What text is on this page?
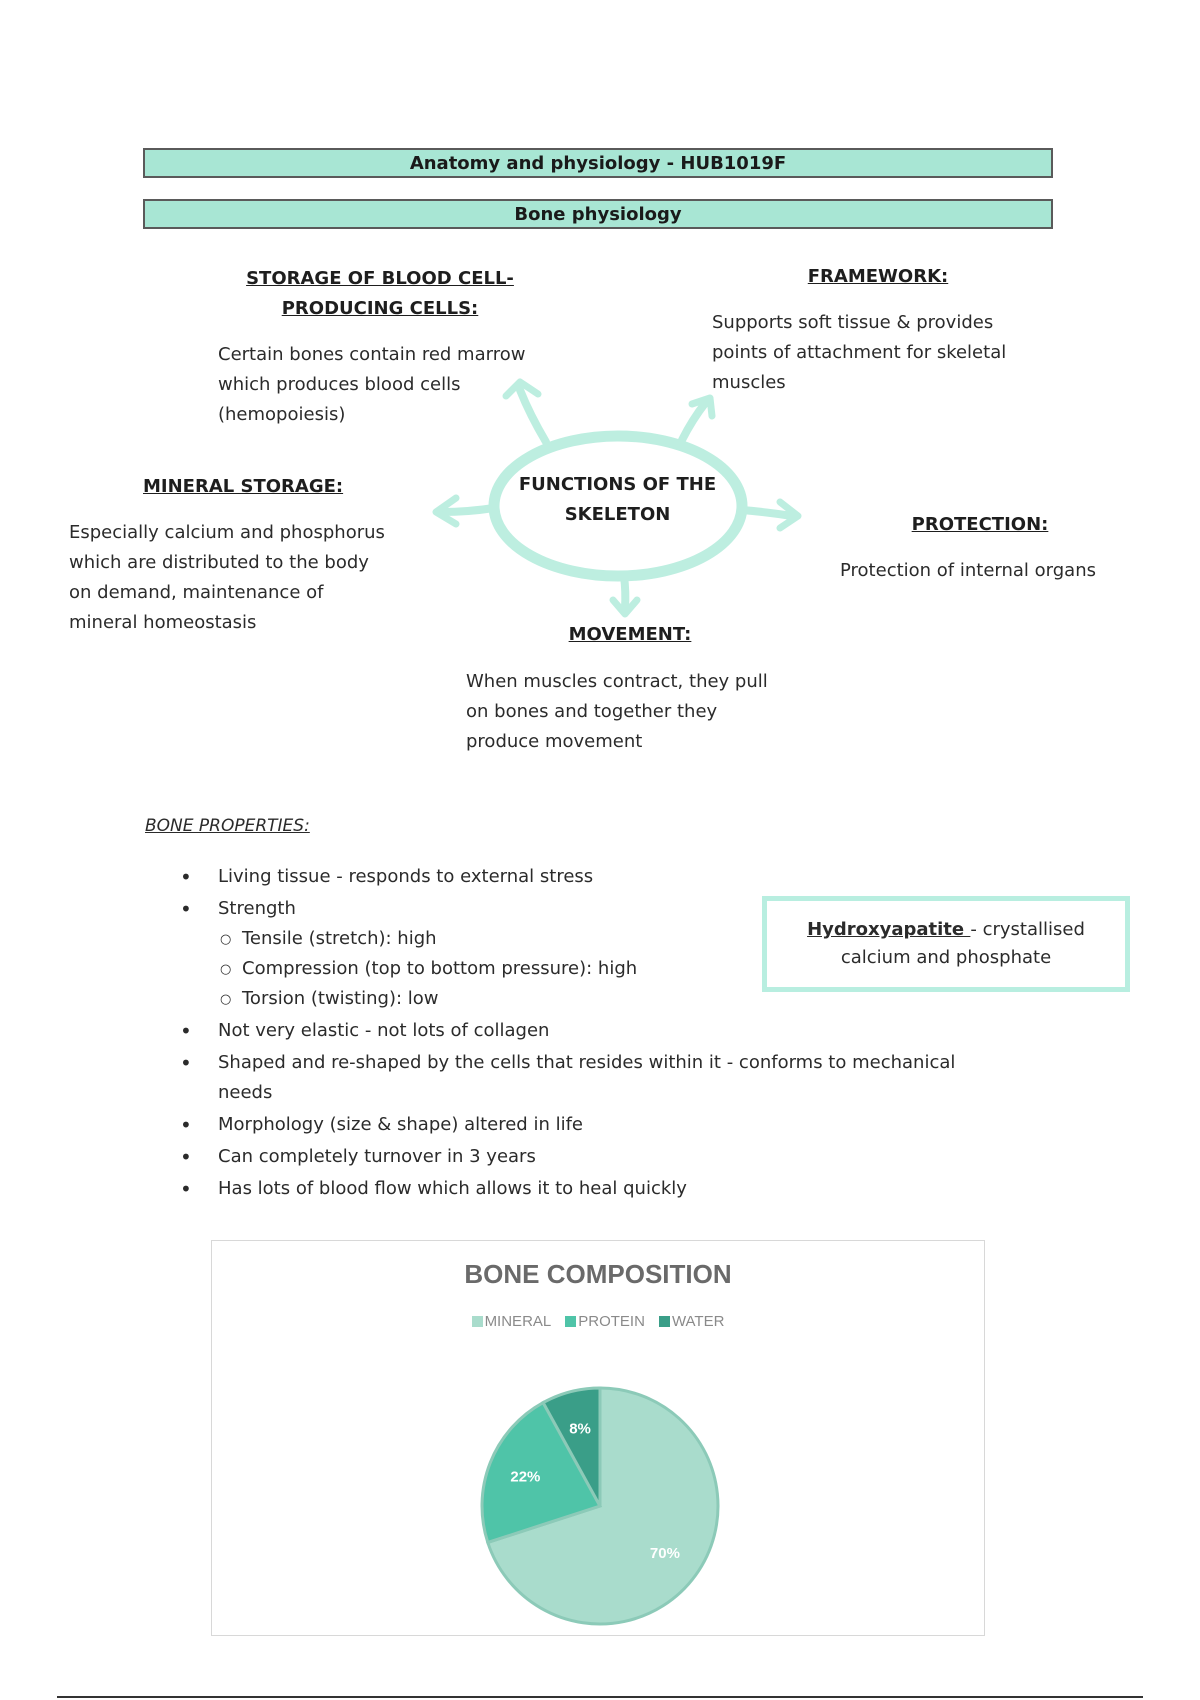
Anatomy and physiology - HUB1019F
Bone physiology
FUNCTIONS OF THE SKELETON
STORAGE OF BLOOD CELL-
PRODUCING CELLS:
Certain bones contain red marrow
which produces blood cells
(hemopoiesis)
FRAMEWORK:
Supports soft tissue & provides
points of attachment for skeletal
muscles
MINERAL STORAGE:
Especially calcium and phosphorus
which are distributed to the body
on demand, maintenance of
mineral homeostasis
PROTECTION:
Protection of internal organs
MOVEMENT:
When muscles contract, they pull
on bones and together they
produce movement
BONE PROPERTIES:
• Living tissue - responds to external stress
• Strength
○ Tensile (stretch): high
○ Compression (top to bottom pressure): high
○ Torsion (twisting): low
• Not very elastic - not lots of collagen
• Shaped and re-shaped by the cells that resides within it - conforms to mechanical
needs
• Morphology (size & shape) altered in life
• Can completely turnover in 3 years
• Has lots of blood flow which allows it to heal quickly
Hydroxyapatite - crystallised
calcium and phosphate
BONE COMPOSITION
MINERAL PROTEIN WATER
70%
22%
8%
